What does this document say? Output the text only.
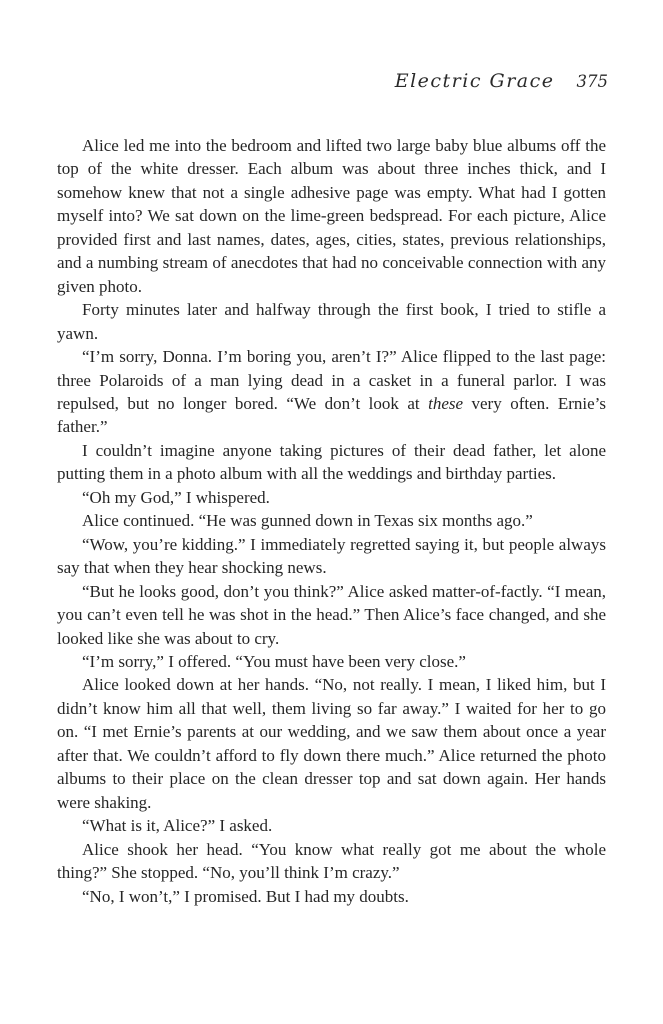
Electric Grace 375

Alice led me into the bedroom and lifted two large baby blue albums off the top of the white dresser. Each album was about three inches thick, and I somehow knew that not a single adhesive page was empty. What had I gotten myself into? We sat down on the lime-green bedspread. For each picture, Alice provided first and last names, dates, ages, cities, states, previous relationships, and a numbing stream of anecdotes that had no conceivable connection with any given photo.

Forty minutes later and halfway through the first book, I tried to stifle a yawn.

“I’m sorry, Donna. I’m boring you, aren’t I?” Alice flipped to the last page: three Polaroids of a man lying dead in a casket in a funeral parlor. I was repulsed, but no longer bored. “We don’t look at these very often. Ernie’s father.”

I couldn’t imagine anyone taking pictures of their dead father, let alone putting them in a photo album with all the weddings and birthday parties.

“Oh my God,” I whispered.

Alice continued. “He was gunned down in Texas six months ago.”

“Wow, you’re kidding.” I immediately regretted saying it, but people always say that when they hear shocking news.

“But he looks good, don’t you think?” Alice asked matter-of-factly. “I mean, you can’t even tell he was shot in the head.” Then Alice’s face changed, and she looked like she was about to cry.

“I’m sorry,” I offered. “You must have been very close.”

Alice looked down at her hands. “No, not really. I mean, I liked him, but I didn’t know him all that well, them living so far away.” I waited for her to go on. “I met Ernie’s parents at our wedding, and we saw them about once a year after that. We couldn’t afford to fly down there much.” Alice returned the photo albums to their place on the clean dresser top and sat down again. Her hands were shaking.

“What is it, Alice?” I asked.

Alice shook her head. “You know what really got me about the whole thing?” She stopped. “No, you’ll think I’m crazy.”

“No, I won’t,” I promised. But I had my doubts.
